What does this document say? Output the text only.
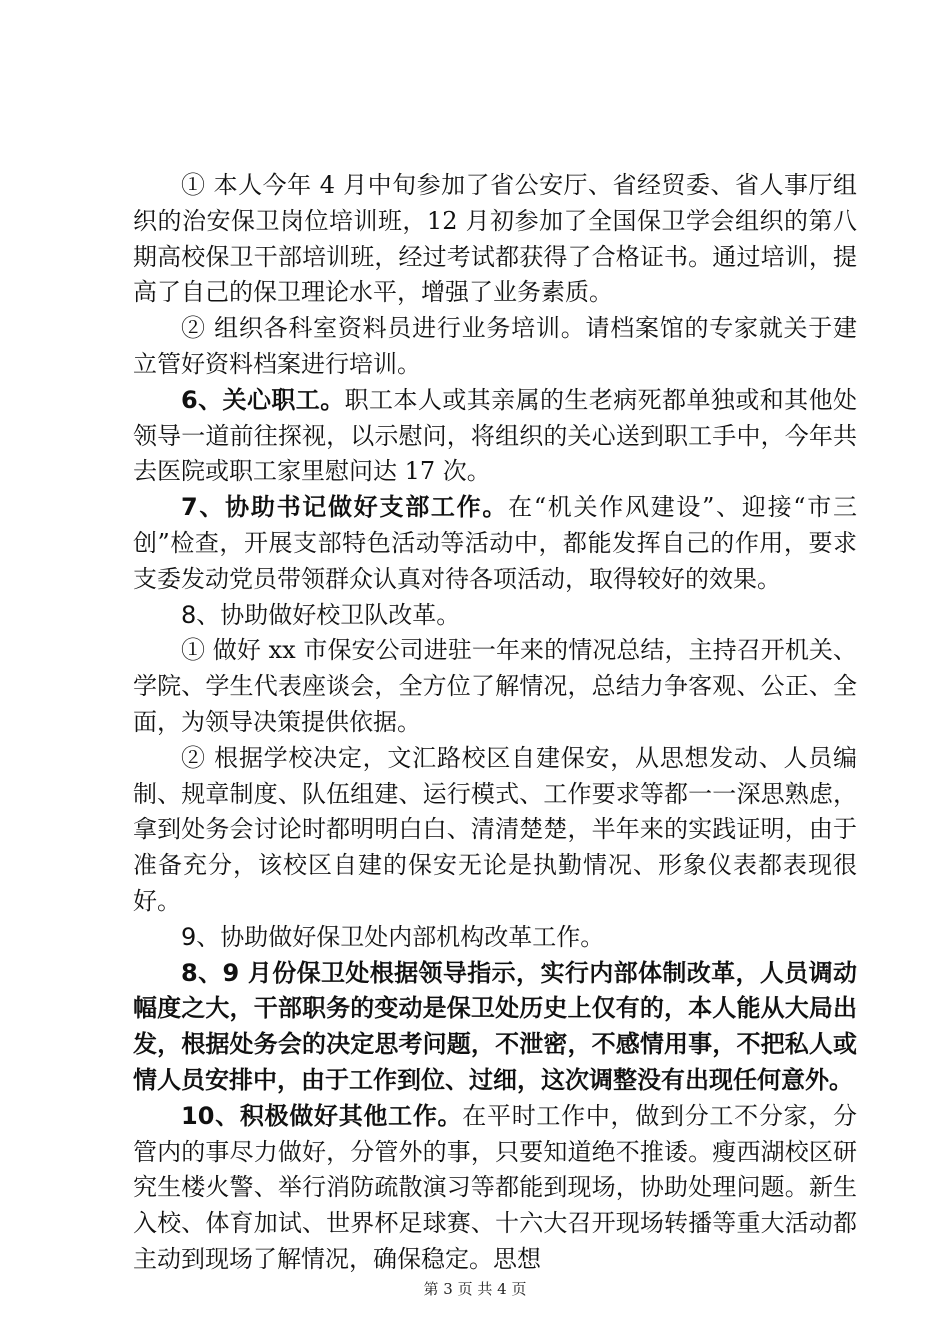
① 本人今年 4 月中旬参加了省公安厅、省经贸委、省人事厅组织的治安保卫岗位培训班，12 月初参加了全国保卫学会组织的第八期高校保卫干部培训班，经过考试都获得了合格证书。通过培训，提高了自己的保卫理论水平，增强了业务素质。

② 组织各科室资料员进行业务培训。请档案馆的专家就关于建立管好资料档案进行培训。

6、关心职工。职工本人或其亲属的生老病死都单独或和其他处领导一道前往探视，以示慰问，将组织的关心送到职工手中，今年共去医院或职工家里慰问达 17 次。

7、协助书记做好支部工作。在“机关作风建设”、迎接“市三创”检查，开展支部特色活动等活动中，都能发挥自己的作用，要求支委发动党员带领群众认真对待各项活动，取得较好的效果。

8、协助做好校卫队改革。

① 做好 xx 市保安公司进驻一年来的情况总结，主持召开机关、学院、学生代表座谈会，全方位了解情况，总结力争客观、公正、全面，为领导决策提供依据。

② 根据学校决定，文汇路校区自建保安，从思想发动、人员编制、规章制度、队伍组建、运行模式、工作要求等都一一深思熟虑，拿到处务会讨论时都明明白白、清清楚楚，半年来的实践证明，由于准备充分，该校区自建的保安无论是执勤情况、形象仪表都表现很好。

9、协助做好保卫处内部机构改革工作。

8、9 月份保卫处根据领导指示，实行内部体制改革，人员调动幅度之大，干部职务的变动是保卫处历史上仅有的，本人能从大局出发，根据处务会的决定思考问题，不泄密，不感情用事，不把私人或情人员安排中，由于工作到位、过细，这次调整没有出现任何意外。

10、积极做好其他工作。在平时工作中，做到分工不分家，分管内的事尽力做好，分管外的事，只要知道绝不推诿。瘦西湖校区研究生楼火警、举行消防疏散演习等都能到现场，协助处理问题。新生入校、体育加试、世界杯足球赛、十六大召开现场转播等重大活动都主动到现场了解情况，确保稳定。思想

第 3 页 共 4 页
